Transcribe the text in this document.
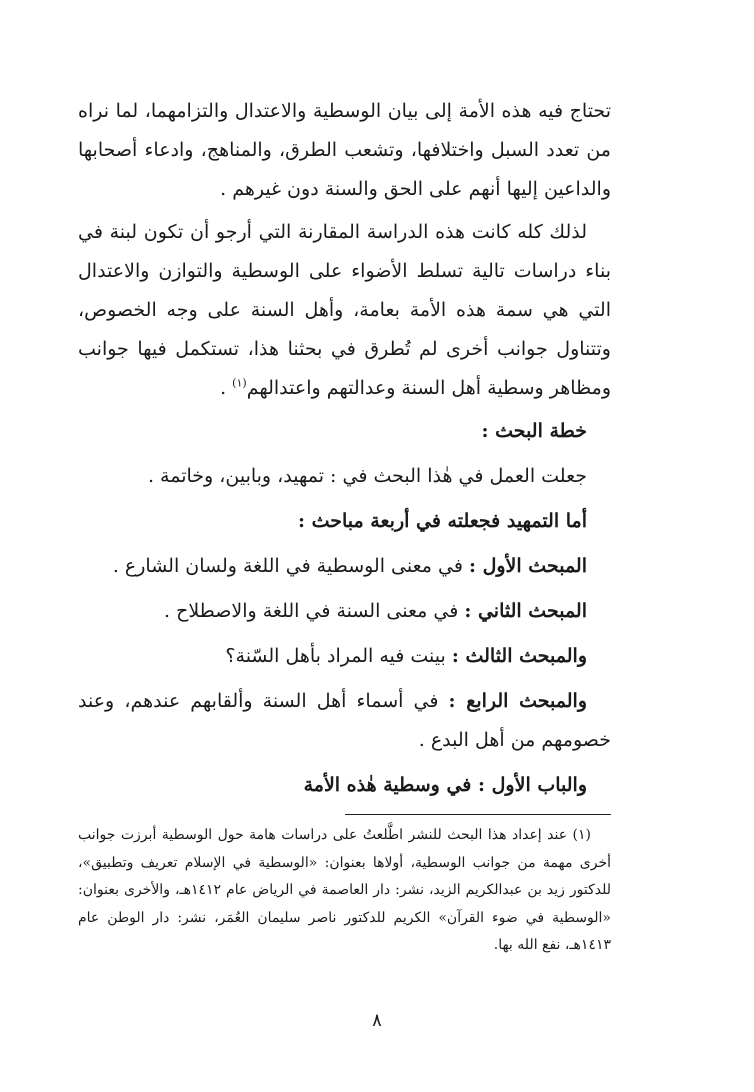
تحتاج فيه هذه الأمة إلى بيان الوسطية والاعتدال والتزامهما، لما نراه من تعدد السبل واختلافها، وتشعب الطرق، والمناهج، وادعاء أصحابها والداعين إليها أنهم على الحق والسنة دون غيرهم .

لذلك كله كانت هذه الدراسة المقارنة التي أرجو أن تكون لبنة في بناء دراسات تالية تسلط الأضواء على الوسطية والتوازن والاعتدال التي هي سمة هذه الأمة بعامة، وأهل السنة على وجه الخصوص، وتتناول جوانب أخرى لم تُطرق في بحثنا هذا، تستكمل فيها جوانب ومظاهر وسطية أهل السنة وعدالتهم واعتدالهم$^{(١)}$ .

خطة البحث :
جعلت العمل في هٰذا البحث في : تمهيد، وبابين، وخاتمة .
أما التمهيد فجعلته في أربعة مباحث :
المبحث الأول : في معنى الوسطية في اللغة ولسان الشارع .
المبحث الثاني : في معنى السنة في اللغة والاصطلاح .
والمبحث الثالث : بينت فيه المراد بأهل السّنة؟
والمبحث الرابع : في أسماء أهل السنة وألقابهم عندهم، وعند خصومهم من أهل البدع .
والباب الأول : في وسطية هٰذه الأمة
(١) عند إعداد هذا البحث للنشر اطَّلعتُ على دراسات هامة حول الوسطية أبرزت جوانب أخرى مهمة من جوانب الوسطية، أولاها بعنوان: «الوسطية في الإسلام تعريف وتطبيق»، للدكتور زيد بن عبدالكريم الزيد، نشر: دار العاصمة في الرياض عام ١٤١٢هـ، والأخرى بعنوان: «الوسطية في ضوء القرآن» الكريم للدكتور ناصر سليمان العُمَر، نشر: دار الوطن عام ١٤١٣هـ، نفع الله بها.
٨
